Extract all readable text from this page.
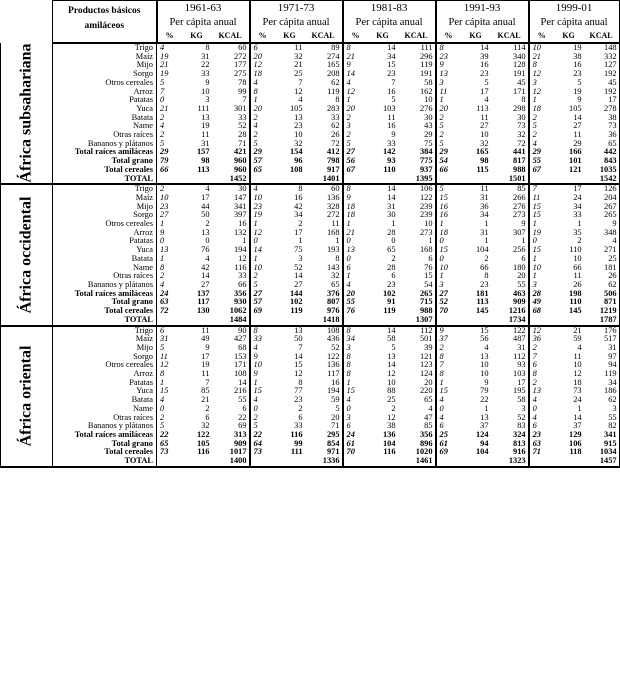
	Productos básicos amiláceos	1961-63			1971-73			1981-83			1991-93			1999-01		
		Per cápita anual			Per cápita anual			Per cápita anual			Per cápita anual			Per cápita anual		
		%	KG	KCAL	%	KG	KCAL	%	KG	KCAL	%	KG	KCAL	%	KG	KCAL

África subsahariana	Trigo	4	8	60	6	11	89	8	14	111	8	14	114	10	19	148
	Maíz	19	31	272	20	32	274	21	34	296	23	39	340	21	38	332
	Mijo	21	22	177	12	21	165	9	15	119	9	16	128	8	16	127
	Sorgo	19	33	275	18	25	208	14	23	191	13	23	191	12	23	192
	Otros cereales	5	9	78	4	7	62	4	7	58	3	5	45	3	5	45
	Arroz	7	10	99	8	12	119	12	16	162	11	17	171	12	19	192
	Patatas	0	3	7	1	4	8	1	5	10	1	4	8	1	9	17
	Yuca	21	111	301	20	105	283	20	103	276	20	113	298	18	105	278
	Batata	2	13	33	2	13	33	2	11	30	2	11	30	2	14	38
	Ñame	4	19	52	4	23	62	3	16	43	5	27	73	5	27	73
	Otras raíces	2	11	28	2	10	26	2	9	29	2	10	32	2	11	36
	Bananos y plátanos	5	31	71	5	32	72	5	33	75	5	32	72	4	29	65
	Total raíces amiláceas	29	157	421	29	154	412	27	142	384	29	165	441	29	166	442
	Total grano	79	98	960	57	96	798	56	93	775	54	98	817	55	101	843
	Total cereales	66	113	960	65	108	917	67	110	937	66	115	988	67	121	1035
	TOTAL			1452			1401			1395			1501			1542

África occidental	Trigo	2	4	30	4	8	60	8	14	106	5	11	85	7	17	126
	Maíz	10	17	147	10	16	136	9	14	122	15	31	266	11	24	204
	Mijo	23	44	341	23	42	328	18	31	239	16	36	276	15	34	267
	Sorgo	27	50	397	19	34	272	18	30	239	16	34	273	15	33	265
	Otros cereales	1	2	16	1	2	11	1	1	10	1	1	9	1	1	9
	Arroz	9	13	132	12	17	168	21	28	273	18	31	307	19	35	348
	Patatas	0	0	1	0	1	1	0	0	1	0	1	1	0	2	4
	Yuca	13	76	194	14	75	193	13	65	168	15	104	256	15	110	271
	Batata	1	4	12	1	3	8	0	2	6	0	2	6	1	10	25
	Ñame	8	42	116	10	52	143	6	28	76	10	66	180	10	66	181
	Otras raíces	2	14	33	2	14	32	1	6	15	1	8	20	1	11	26
	Bananos y plátanos	4	27	66	5	27	65	4	23	54	3	23	55	3	26	62
	Total raíces amiláceas	24	137	356	27	144	376	20	102	265	27	181	463	28	198	506
	Total grano	63	117	930	57	102	807	55	91	715	52	113	909	49	110	871
	Total cereales	72	130	1062	69	119	976	76	119	988	70	145	1216	68	145	1219
	TOTAL			1484			1418			1307			1734			1787

África oriental	Trigo	6	11	90	8	13	108	8	14	112	9	15	122	12	21	176
	Maíz	31	49	427	33	50	436	34	58	501	37	56	487	36	59	517
	Mijo	5	9	68	4	7	52	3	5	39	2	4	31	2	4	31
	Sorgo	11	17	153	9	14	122	8	13	121	8	13	112	7	11	97
	Otros cereales	12	19	171	10	15	136	8	14	123	7	10	93	6	10	94
	Arroz	8	11	108	9	12	117	8	12	124	8	10	103	8	12	119
	Patatas	1	7	14	1	8	16	1	10	20	1	9	17	2	18	34
	Yuca	15	85	216	15	77	194	15	88	220	15	79	195	13	73	186
	Batata	4	21	55	4	23	59	4	25	65	4	22	58	4	24	62
	Ñame	0	2	6	0	2	5	0	2	4	0	1	3	0	1	3
	Otras raíces	2	6	22	2	6	20	3	12	47	4	13	52	4	14	55
	Bananos y plátanos	5	32	69	5	33	71	6	38	85	6	37	83	6	37	82
	Total raíces amiláceas	22	122	313	22	116	295	24	136	356	25	124	324	23	129	341
	Total grano	65	105	909	64	99	854	61	104	896	61	94	813	63	106	915
	Total cereales	73	116	1017	73	111	971	70	116	1020	69	104	916	71	118	1034
	TOTAL			1400			1336			1461			1323			1457
